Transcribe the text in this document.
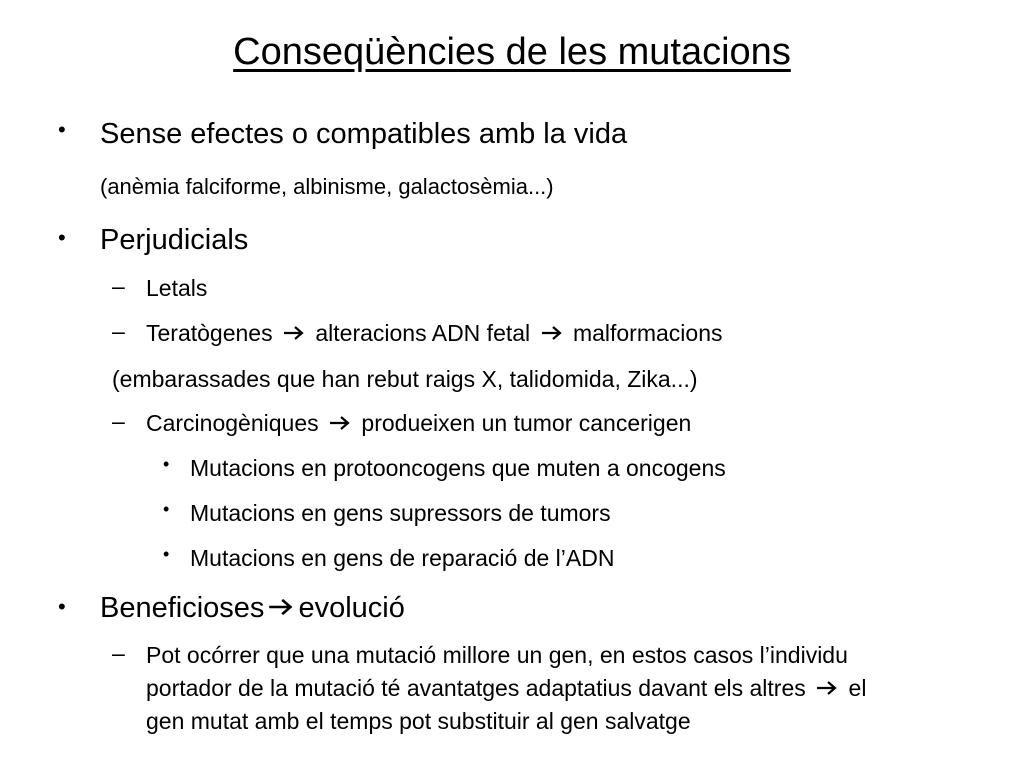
Conseqüències de les mutacions
• Sense efectes o compatibles amb la vida
(anèmia falciforme, albinisme, galactosèmia...)
• Perjudicials
– Letals
– Teratògenes alteracions ADN fetal malformacions
(embarassades que han rebut raigs X, talidomida, Zika...)
– Carcinogèniques produeixen un tumor cancerigen
• Mutacions en protooncogens que muten a oncogens
• Mutacions en gens supressors de tumors
• Mutacions en gens de reparació de l’ADN
• Beneficioses evolució
– Pot ocórrer que una mutació millore un gen, en estos casos l’individu
portador de la mutació té avantatges adaptatius davant els altres el
gen mutat amb el temps pot substituir al gen salvatge
